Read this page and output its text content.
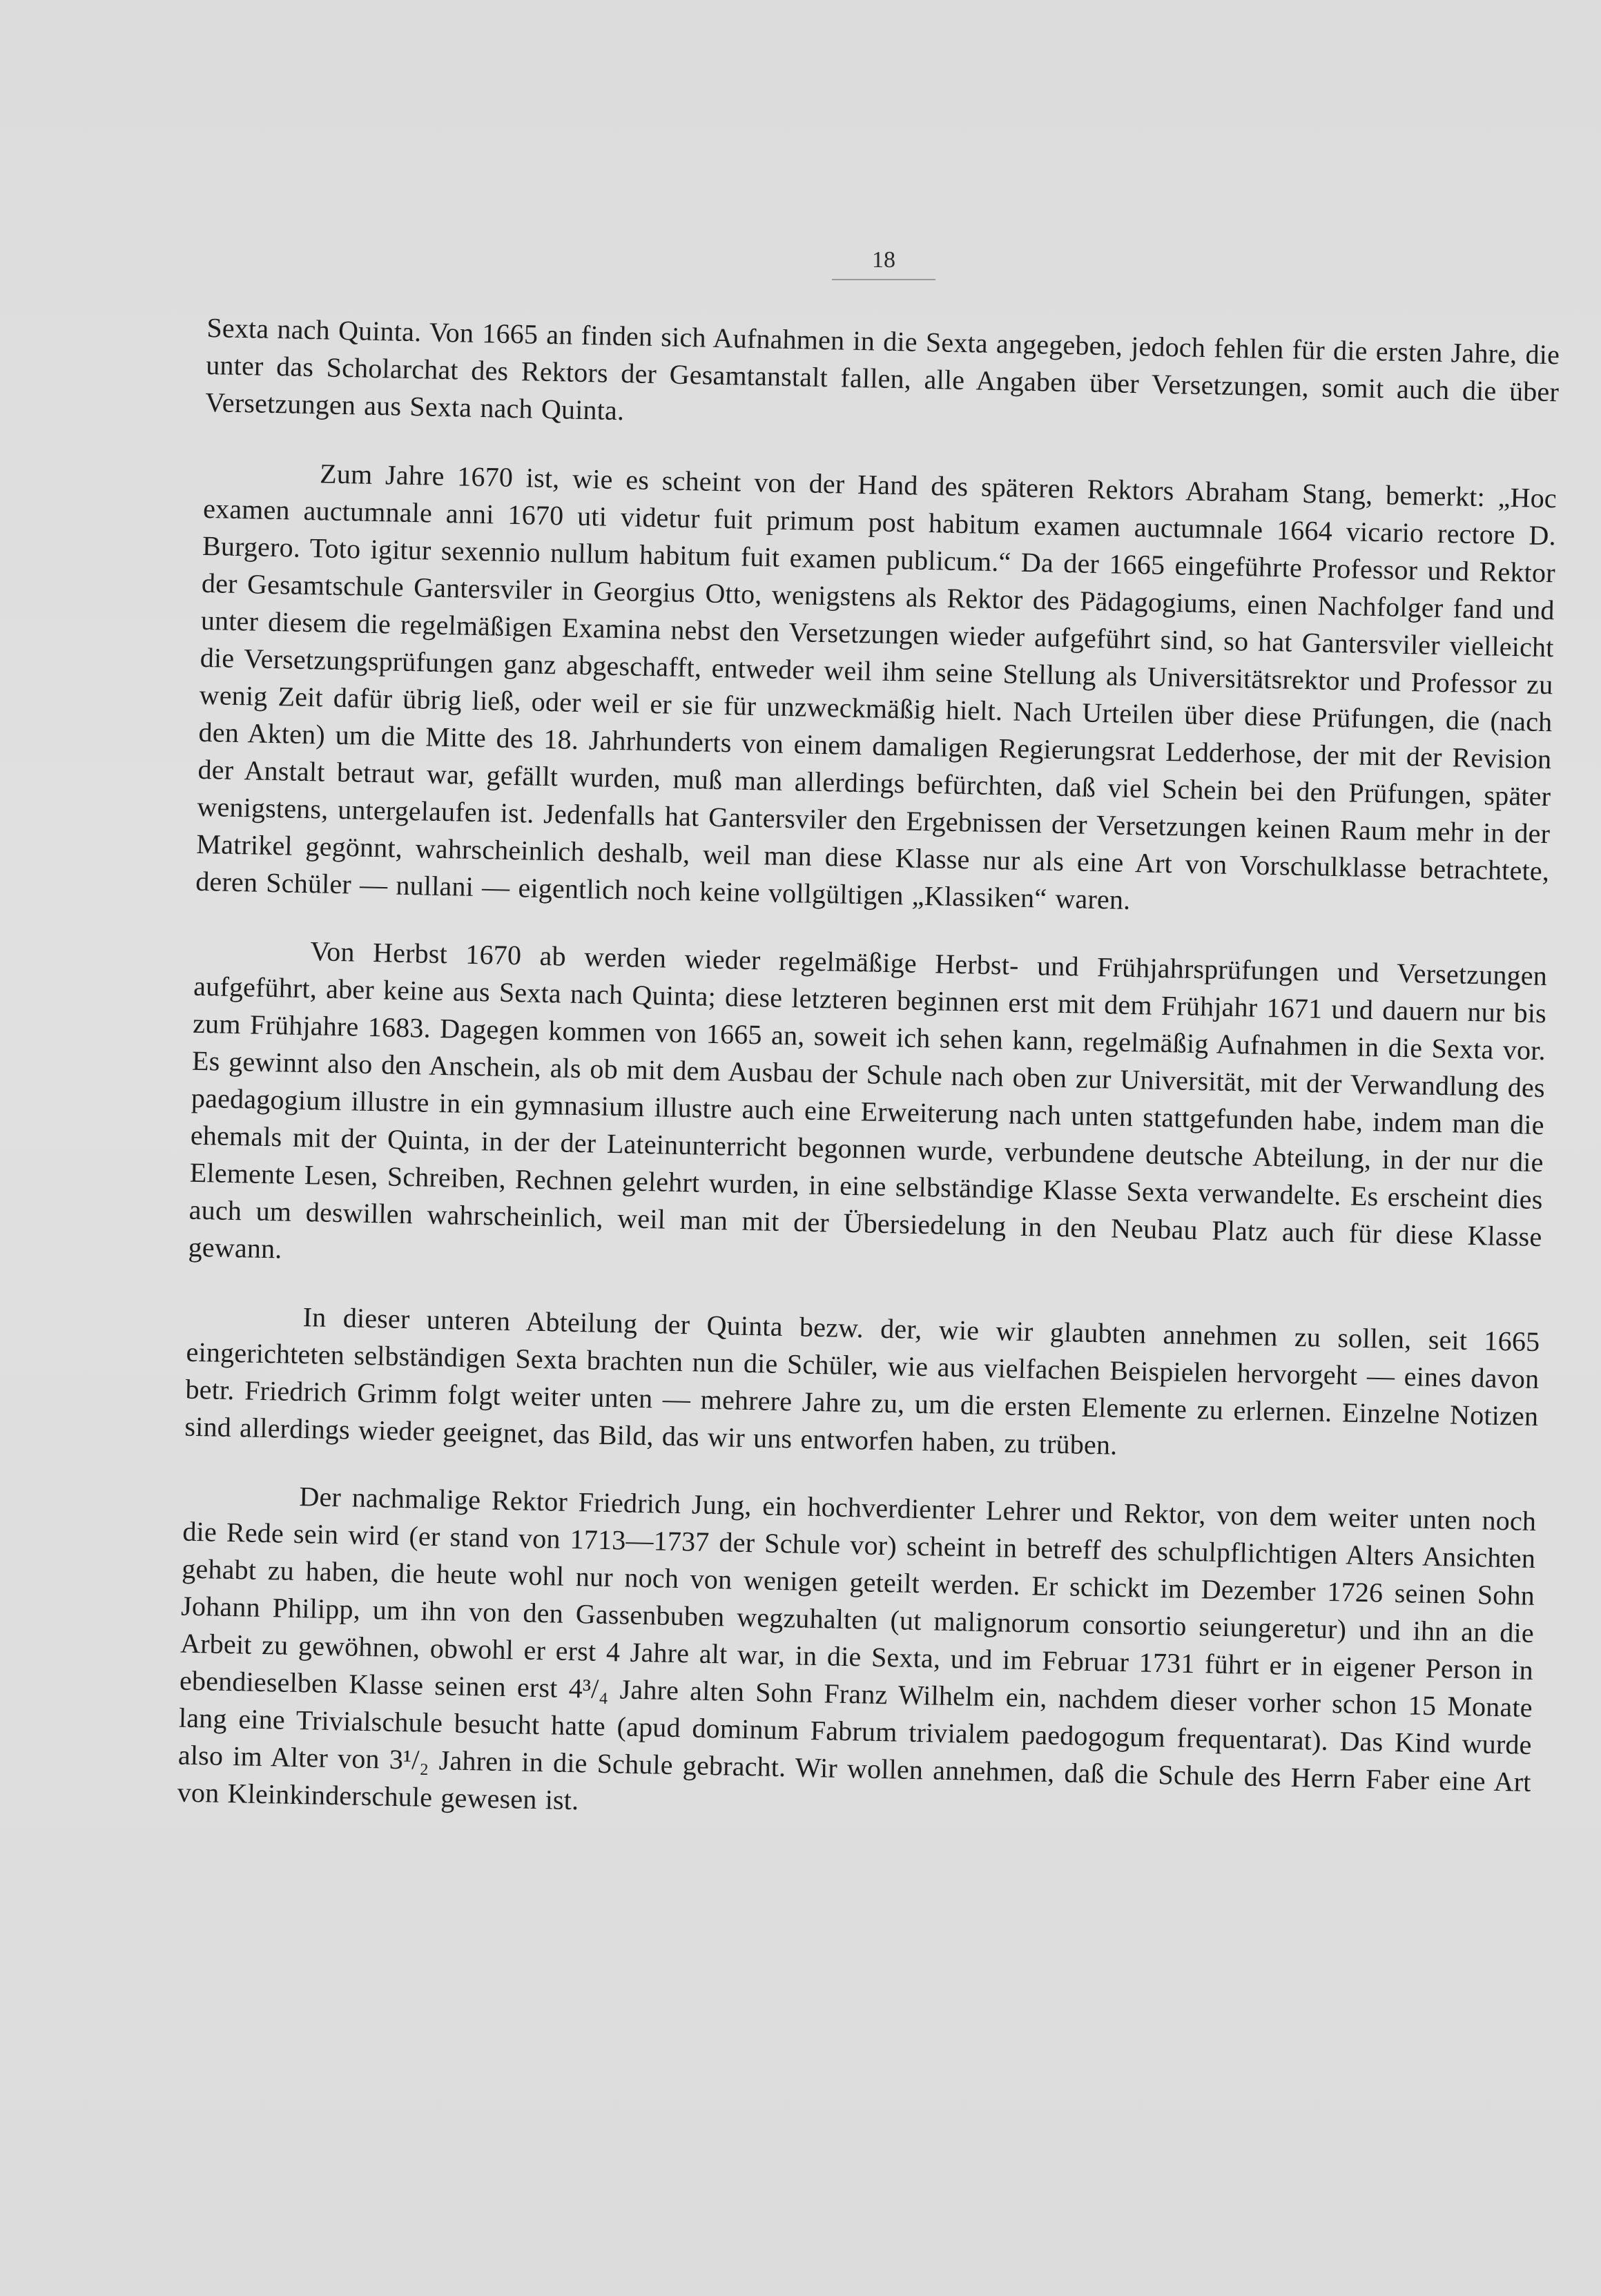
18

Sexta nach Quinta. Von 1665 an finden sich Aufnahmen in die Sexta angegeben, jedoch fehlen für die ersten Jahre, die unter das Scholarchat des Rektors der Gesamtanstalt fallen, alle Angaben über Versetzungen, somit auch die über Versetzungen aus Sexta nach Quinta.

Zum Jahre 1670 ist, wie es scheint von der Hand des späteren Rektors Abraham Stang, bemerkt: „Hoc examen auctumnale anni 1670 uti videtur fuit primum post habitum examen auctumnale 1664 vicario rectore D. Burgero. Toto igitur sexennio nullum habitum fuit examen publicum.“ Da der 1665 eingeführte Professor und Rektor der Gesamtschule Gantersviler in Georgius Otto, wenigstens als Rektor des Pädagogiums, einen Nachfolger fand und unter diesem die regelmäßigen Examina nebst den Versetzungen wieder aufgeführt sind, so hat Gantersviler vielleicht die Versetzungsprüfungen ganz abgeschafft, entweder weil ihm seine Stellung als Universitätsrektor und Professor zu wenig Zeit dafür übrig ließ, oder weil er sie für unzweckmäßig hielt. Nach Urteilen über diese Prüfungen, die (nach den Akten) um die Mitte des 18. Jahrhunderts von einem damaligen Regierungsrat Ledderhose, der mit der Revision der Anstalt betraut war, gefällt wurden, muß man allerdings befürchten, daß viel Schein bei den Prüfungen, später wenigstens, untergelaufen ist. Jedenfalls hat Gantersviler den Ergebnissen der Versetzungen keinen Raum mehr in der Matrikel gegönnt, wahrscheinlich deshalb, weil man diese Klasse nur als eine Art von Vorschulklasse betrachtete, deren Schüler — nullani — eigentlich noch keine vollgültigen „Klassiken“ waren.

Von Herbst 1670 ab werden wieder regelmäßige Herbst- und Frühjahrsprüfungen und Versetzungen aufgeführt, aber keine aus Sexta nach Quinta; diese letzteren beginnen erst mit dem Frühjahr 1671 und dauern nur bis zum Frühjahre 1683. Dagegen kommen von 1665 an, soweit ich sehen kann, regelmäßig Aufnahmen in die Sexta vor. Es gewinnt also den Anschein, als ob mit dem Ausbau der Schule nach oben zur Universität, mit der Verwandlung des paedagogium illustre in ein gymnasium illustre auch eine Erweiterung nach unten stattgefunden habe, indem man die ehemals mit der Quinta, in der der Lateinunterricht begonnen wurde, verbundene deutsche Abteilung, in der nur die Elemente Lesen, Schreiben, Rechnen gelehrt wurden, in eine selbständige Klasse Sexta verwandelte. Es erscheint dies auch um deswillen wahrscheinlich, weil man mit der Übersiedelung in den Neubau Platz auch für diese Klasse gewann.

In dieser unteren Abteilung der Quinta bezw. der, wie wir glaubten annehmen zu sollen, seit 1665 eingerichteten selbständigen Sexta brachten nun die Schüler, wie aus vielfachen Beispielen hervorgeht — eines davon betr. Friedrich Grimm folgt weiter unten — mehrere Jahre zu, um die ersten Elemente zu erlernen. Einzelne Notizen sind allerdings wieder geeignet, das Bild, das wir uns entworfen haben, zu trüben.

Der nachmalige Rektor Friedrich Jung, ein hochverdienter Lehrer und Rektor, von dem weiter unten noch die Rede sein wird (er stand von 1713—1737 der Schule vor) scheint in betreff des schulpflichtigen Alters Ansichten gehabt zu haben, die heute wohl nur noch von wenigen geteilt werden. Er schickt im Dezember 1726 seinen Sohn Johann Philipp, um ihn von den Gassenbuben wegzuhalten (ut malignorum consortio seiungeretur) und ihn an die Arbeit zu gewöhnen, obwohl er erst 4 Jahre alt war, in die Sexta, und im Februar 1731 führt er in eigener Person in ebendieselben Klasse seinen erst 4³/₄ Jahre alten Sohn Franz Wilhelm ein, nachdem dieser vorher schon 15 Monate lang eine Trivialschule besucht hatte (apud dominum Fabrum trivialem paedogogum frequentarat). Das Kind wurde also im Alter von 3¹/₂ Jahren in die Schule gebracht. Wir wollen annehmen, daß die Schule des Herrn Faber eine Art von Kleinkinderschule gewesen ist.
